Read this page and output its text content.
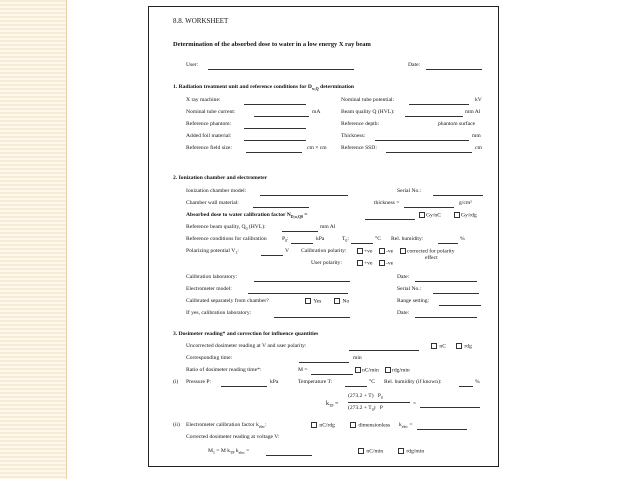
8.8. WORKSHEET
Determination of the absorbed dose to water in a low energy X ray beam
User:	Date:
1. Radiation treatment unit and reference conditions for $D_{w,Q}$ determination
X ray machine:	Nominal tube potential:	kV
Nominal tube current:	mA	Beam quality Q (HVL):	mm Al
Reference phantom:	Reference depth:	phantom surface
Added foil material:	Thickness:	mm
Reference field size:	cm × cm	Reference SSD:	cm
2. Ionization chamber and electrometer
Ionization chamber model:	Serial No.:
Chamber wall material:	thickness =	g/cm²
Absorbed dose to water calibration factor $N_{D,w,Q0}$ =	Gy/nC	Gy/rdg
Reference beam quality, $Q_0$ (HVL):	mm Al
Reference conditions for calibration	$P_0$:	kPa	$T_0$:	°C Rel. humidity:	%
Polarizing potential $V_1$:	V Calibration polarity:	+ve	-ve	corrected for polarity
effect
User polarity:	+ve	-ve
Calibration laboratory:	Date:
Electrometer model:	Serial No.:
Calibrated separately from chamber?	Yes	No	Range setting:
If yes, calibration laboratory:	Date:
3. Dosimeter reading* and correction for influence quantities
Uncorrected dosimeter reading at V and user polarity:	nC	rdg
Corresponding time:	min
Ratio of dosimeter reading time*:	M =	nC/min	rdg/min
(i) Pressure P:	kPa	Temperature T:	°C Rel. humidity (if known):	%
$k_{TP}$ =
(273.2 + T) $P_0$
$(273.2 + T_0)$ P
=
(ii) Electrometer calibration factor $k_{elec}$:	nC/rdg	dimensionless $k_{elec}$ =
Corrected dosimeter reading at voltage V:
$M_1 = M$ $k_{TP}$ $k_{elec}$ =	nC/min	rdg/min
